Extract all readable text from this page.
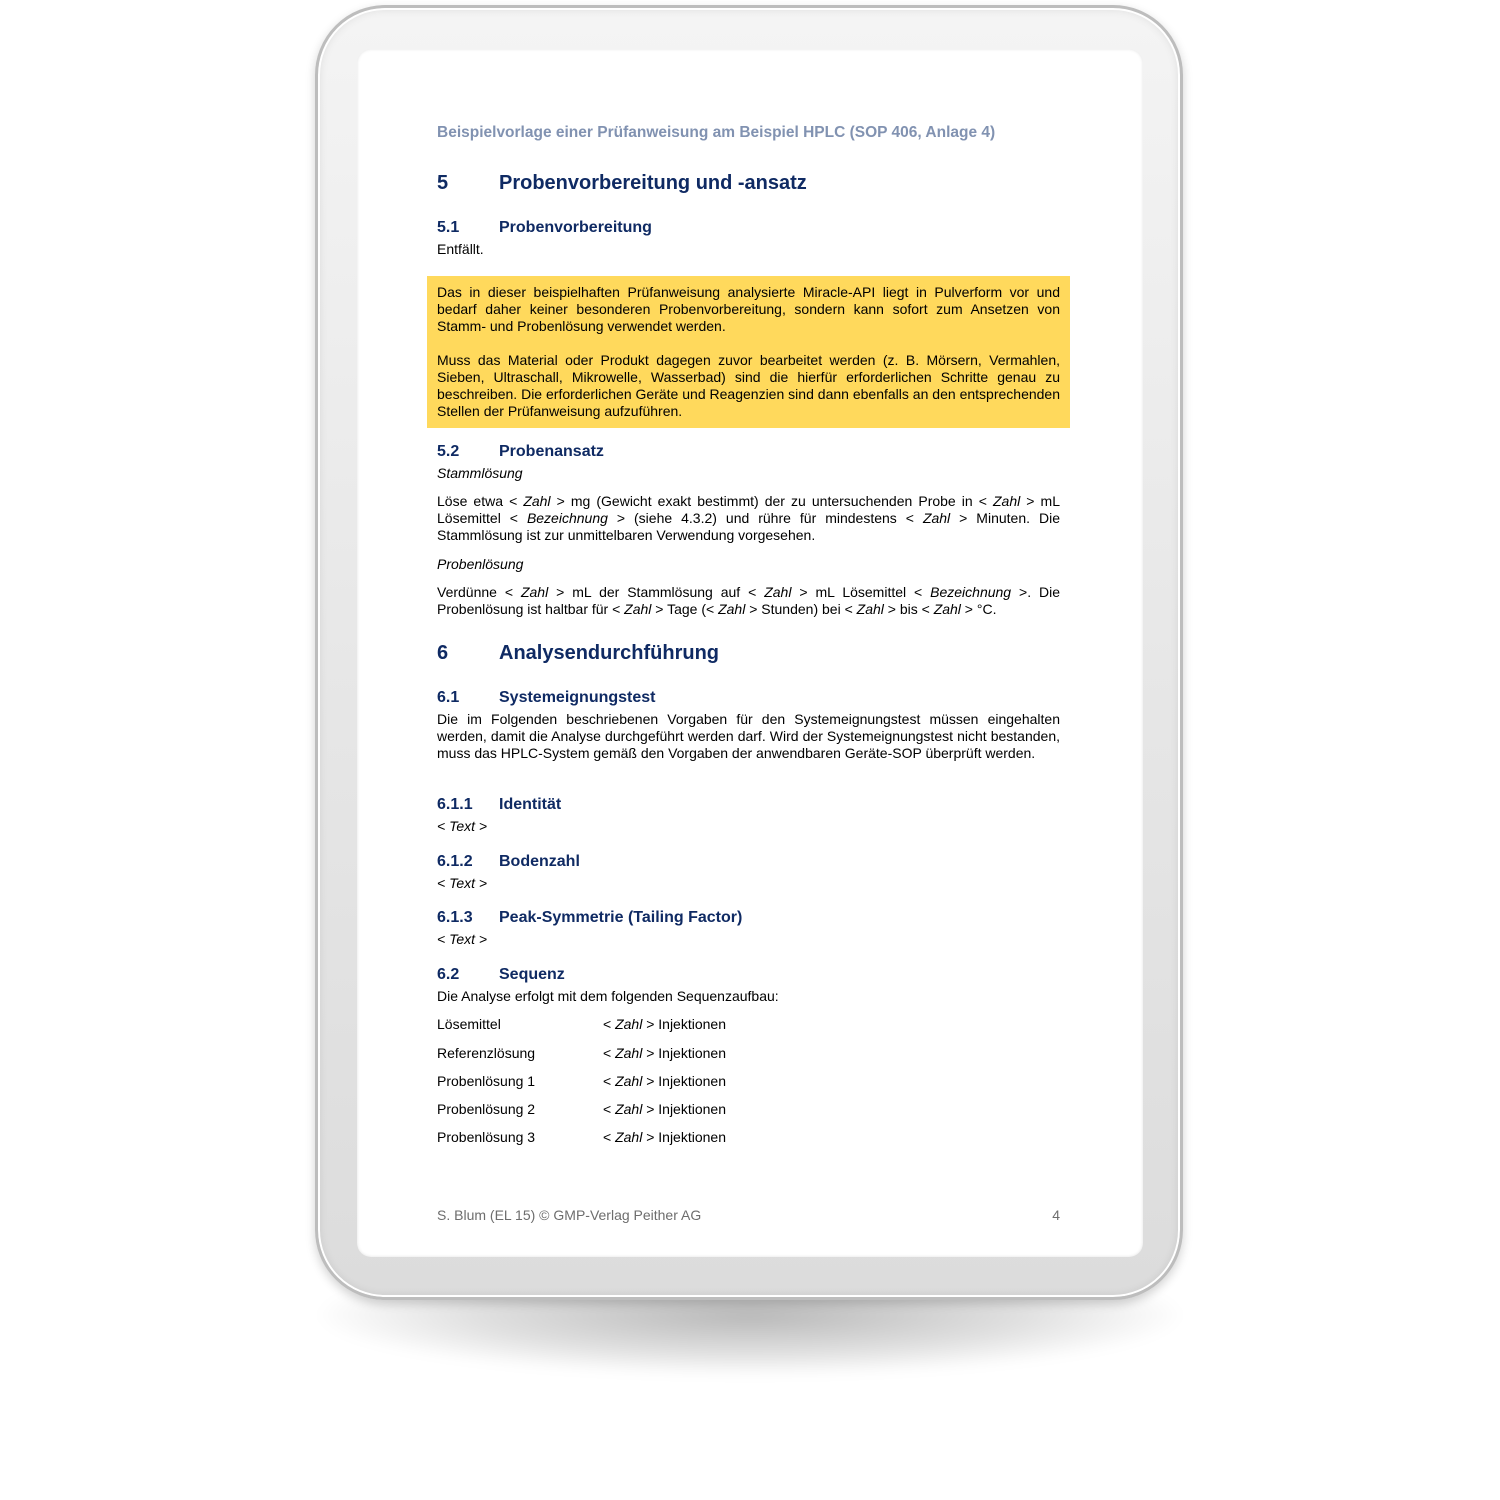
Beispielvorlage einer Prüfanweisung am Beispiel HPLC (SOP 406, Anlage 4)
5	Probenvorbereitung und -ansatz
5.1 Probenvorbereitung
Entfällt.

Das in dieser beispielhaften Prüfanweisung analysierte Miracle-API liegt in Pulverform vor und bedarf daher keiner besonderen Probenvorbereitung, sondern kann sofort zum Ansetzen von Stamm- und Probenlösung verwendet werden.

Muss das Material oder Produkt dagegen zuvor bearbeitet werden (z. B. Mörsern, Vermahlen, Sieben, Ultraschall, Mikrowelle, Wasserbad) sind die hierfür erforderlichen Schritte genau zu beschreiben. Die erforderlichen Geräte und Reagenzien sind dann ebenfalls an den entsprechenden Stellen der Prüfanweisung aufzuführen.

5.2 Probenansatz
Stammlösung
Löse etwa < Zahl > mg (Gewicht exakt bestimmt) der zu untersuchenden Probe in < Zahl > mL Lösemittel < Bezeichnung > (siehe 4.3.2) und rühre für mindestens < Zahl > Minuten. Die Stammlösung ist zur unmittelbaren Verwendung vorgesehen.
Probenlösung
Verdünne < Zahl > mL der Stammlösung auf < Zahl > mL Lösemittel < Bezeichnung >. Die Probenlösung ist haltbar für < Zahl > Tage (< Zahl > Stunden) bei < Zahl > bis < Zahl > °C.
6	Analysendurchführung
6.1 Systemeignungstest
Die im Folgenden beschriebenen Vorgaben für den Systemeignungstest müssen eingehalten werden, damit die Analyse durchgeführt werden darf. Wird der Systemeignungstest nicht bestanden, muss das HPLC-System gemäß den Vorgaben der anwendbaren Geräte-SOP überprüft werden.
6.1.1 Identität
< Text >
6.1.2 Bodenzahl
< Text >
6.1.3 Peak-Symmetrie (Tailing Factor)
< Text >
6.2 Sequenz
Die Analyse erfolgt mit dem folgenden Sequenzaufbau:
Lösemittel	< Zahl > Injektionen
Referenzlösung	< Zahl > Injektionen
Probenlösung 1	< Zahl > Injektionen
Probenlösung 2	< Zahl > Injektionen
Probenlösung 3	< Zahl > Injektionen
S. Blum (EL 15) © GMP-Verlag Peither AG	4
